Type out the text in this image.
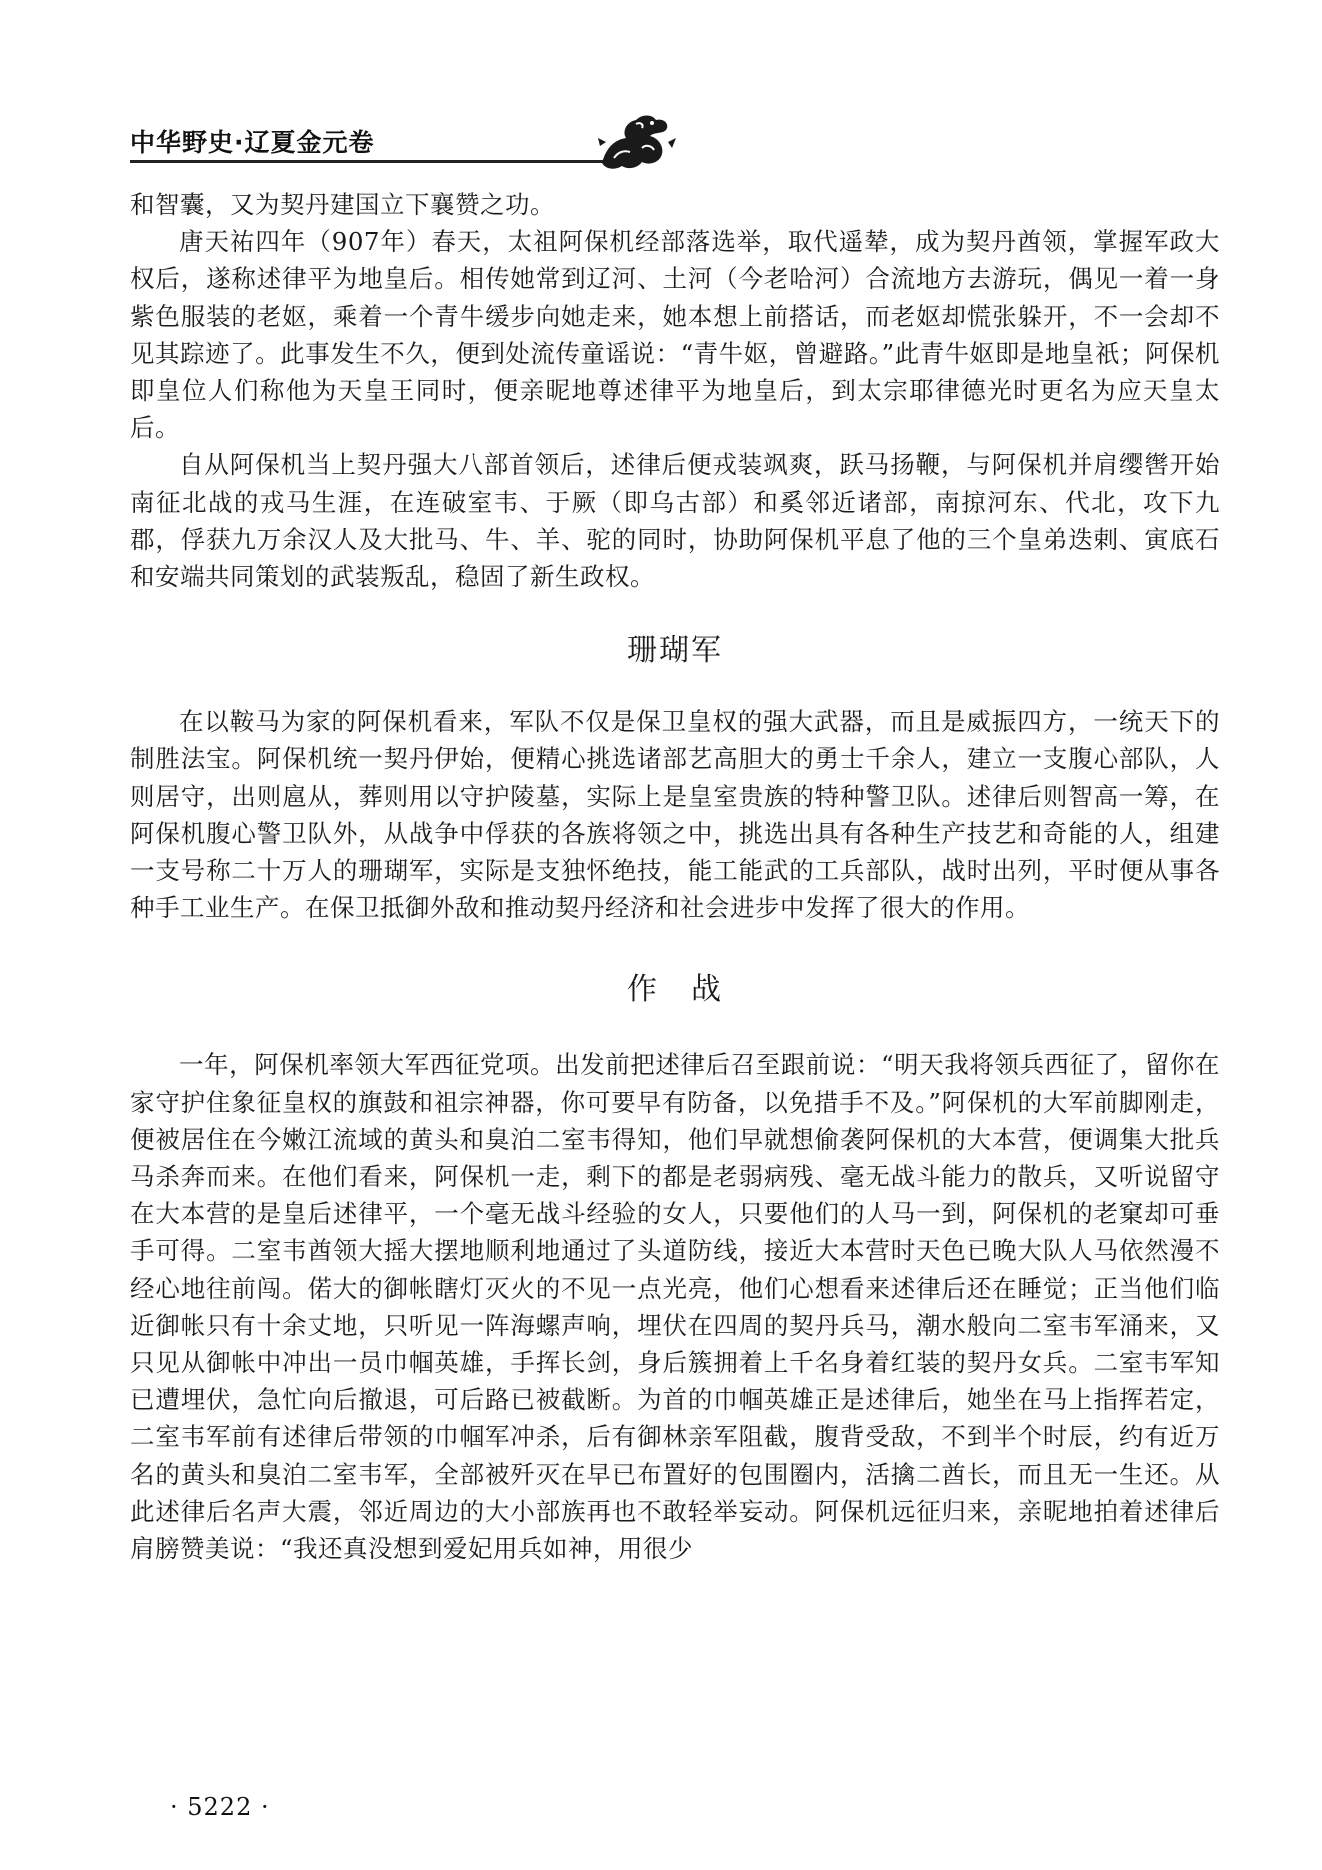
中华野史·辽夏金元卷

和智囊，又为契丹建国立下襄赞之功。

唐天祐四年（907年）春天，太祖阿保机经部落选举，取代遥辇，成为契丹酋领，掌握军政大权后，遂称述律平为地皇后。相传她常到辽河、土河（今老哈河）合流地方去游玩，偶见一着一身紫色服装的老妪，乘着一个青牛缓步向她走来，她本想上前搭话，而老妪却慌张躲开，不一会却不见其踪迹了。此事发生不久，便到处流传童谣说：“青牛妪，曾避路。”此青牛妪即是地皇祇；阿保机即皇位人们称他为天皇王同时，便亲昵地尊述律平为地皇后，到太宗耶律德光时更名为应天皇太后。

自从阿保机当上契丹强大八部首领后，述律后便戎装飒爽，跃马扬鞭，与阿保机并肩缨辔开始南征北战的戎马生涯，在连破室韦、于厥（即乌古部）和奚邻近诸部，南掠河东、代北，攻下九郡，俘获九万余汉人及大批马、牛、羊、驼的同时，协助阿保机平息了他的三个皇弟迭剌、寅底石和安端共同策划的武装叛乱，稳固了新生政权。

珊瑚军

在以鞍马为家的阿保机看来，军队不仅是保卫皇权的强大武器，而且是威振四方，一统天下的制胜法宝。阿保机统一契丹伊始，便精心挑选诸部艺高胆大的勇士千余人，建立一支腹心部队，人则居守，出则扈从，葬则用以守护陵墓，实际上是皇室贵族的特种警卫队。述律后则智高一筹，在阿保机腹心警卫队外，从战争中俘获的各族将领之中，挑选出具有各种生产技艺和奇能的人，组建一支号称二十万人的珊瑚军，实际是支独怀绝技，能工能武的工兵部队，战时出列，平时便从事各种手工业生产。在保卫抵御外敌和推动契丹经济和社会进步中发挥了很大的作用。

作　战

一年，阿保机率领大军西征党项。出发前把述律后召至跟前说：“明天我将领兵西征了，留你在家守护住象征皇权的旗鼓和祖宗神器，你可要早有防备，以免措手不及。”阿保机的大军前脚刚走，便被居住在今嫩江流域的黄头和臭泊二室韦得知，他们早就想偷袭阿保机的大本营，便调集大批兵马杀奔而来。在他们看来，阿保机一走，剩下的都是老弱病残、毫无战斗能力的散兵，又听说留守在大本营的是皇后述律平，一个毫无战斗经验的女人，只要他们的人马一到，阿保机的老窠却可垂手可得。二室韦酋领大摇大摆地顺利地通过了头道防线，接近大本营时天色已晚大队人马依然漫不经心地往前闯。偌大的御帐瞎灯灭火的不见一点光亮，他们心想看来述律后还在睡觉；正当他们临近御帐只有十余丈地，只听见一阵海螺声响，埋伏在四周的契丹兵马，潮水般向二室韦军涌来，又只见从御帐中冲出一员巾帼英雄，手挥长剑，身后簇拥着上千名身着红装的契丹女兵。二室韦军知已遭埋伏，急忙向后撤退，可后路已被截断。为首的巾帼英雄正是述律后，她坐在马上指挥若定，二室韦军前有述律后带领的巾帼军冲杀，后有御林亲军阻截，腹背受敌，不到半个时辰，约有近万名的黄头和臭泊二室韦军，全部被歼灭在早已布置好的包围圈内，活擒二酋长，而且无一生还。从此述律后名声大震，邻近周边的大小部族再也不敢轻举妄动。阿保机远征归来，亲昵地拍着述律后肩膀赞美说：“我还真没想到爱妃用兵如神，用很少

· 5222 ·
